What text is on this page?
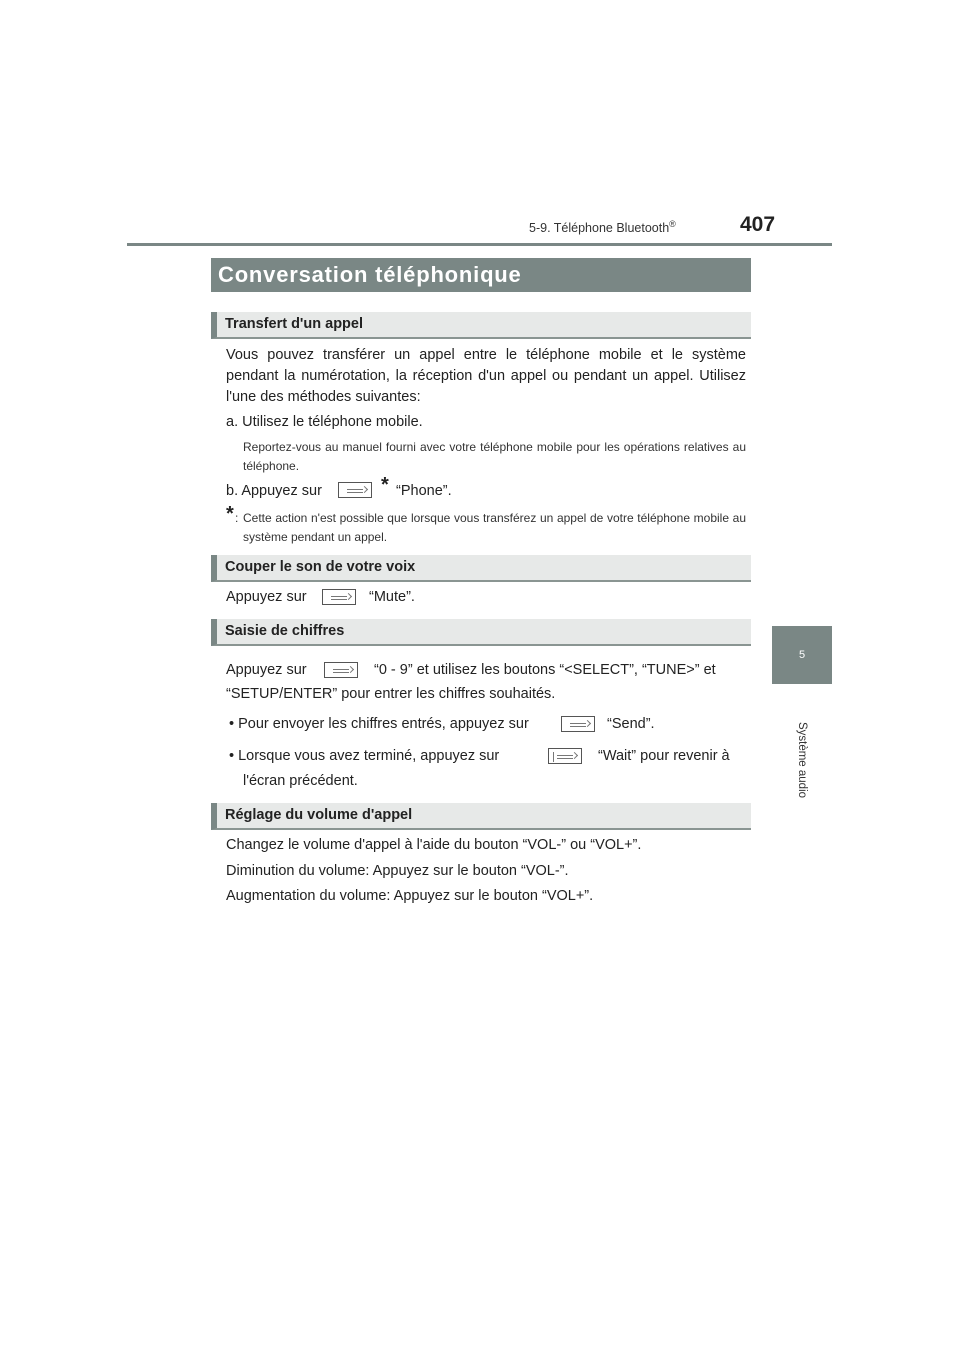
5-9. Téléphone Bluetooth®	407
5
Système audio
Conversation téléphonique
Transfert d'un appel
Vous pouvez transférer un appel entre le téléphone mobile et le système pendant la numérotation, la réception d'un appel ou pendant un appel. Utilisez l'une des méthodes suivantes:
a. Utilisez le téléphone mobile.
Reportez-vous au manuel fourni avec votre téléphone mobile pour les opérations relatives au téléphone.
b. Appuyez sur	* “Phone”.
* : Cette action n'est possible que lorsque vous transférez un appel de votre téléphone mobile au système pendant un appel.
Couper le son de votre voix
Appuyez sur	“Mute”.
Saisie de chiffres
Appuyez sur	“0 - 9” et utilisez les boutons “<SELECT”, “TUNE>” et
“SETUP/ENTER” pour entrer les chiffres souhaités.
• Pour envoyer les chiffres entrés, appuyez sur	“Send”.
• Lorsque vous avez terminé, appuyez sur	“Wait” pour revenir à
l'écran précédent.
Réglage du volume d'appel
Changez le volume d'appel à l'aide du bouton “VOL-” ou “VOL+”.
Diminution du volume: Appuyez sur le bouton “VOL-”.
Augmentation du volume: Appuyez sur le bouton “VOL+”.
